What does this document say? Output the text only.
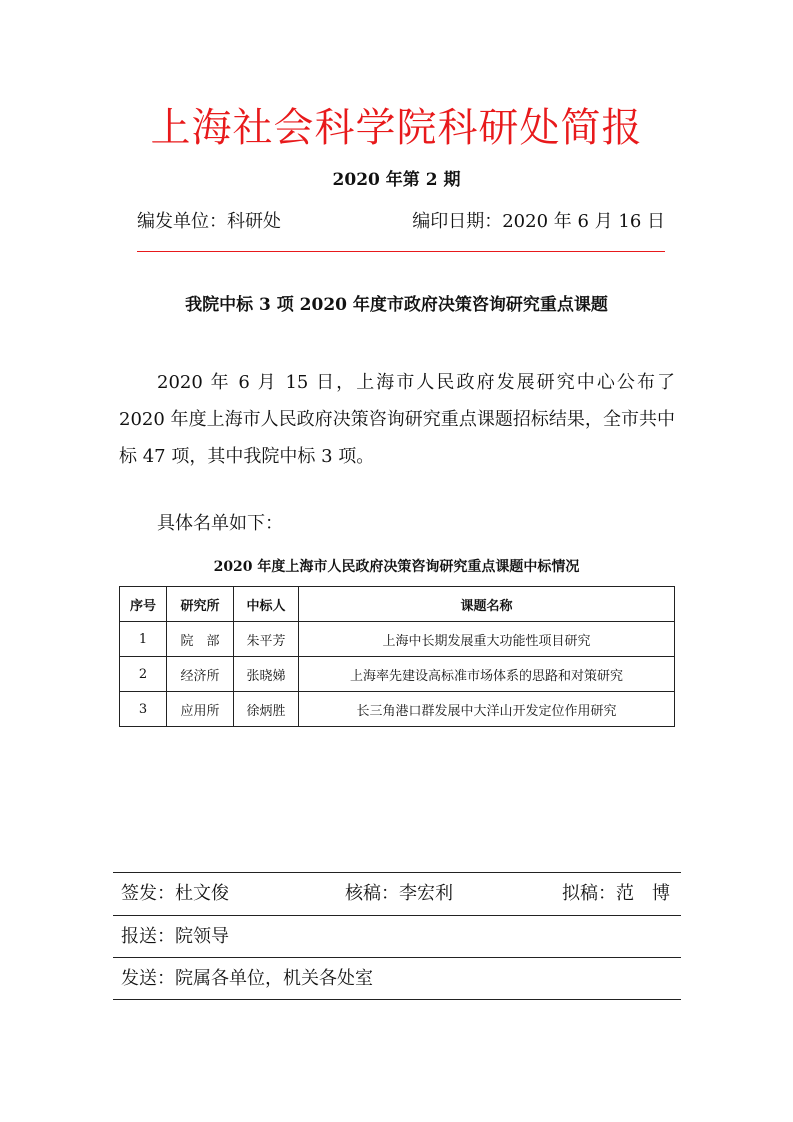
上海社会科学院科研处简报
2020 年第 2 期
编发单位：科研处	编印日期：2020 年 6 月 16 日
我院中标 3 项 2020 年度市政府决策咨询研究重点课题
2020 年 6 月 15 日，上海市人民政府发展研究中心公布了 2020 年度上海市人民政府决策咨询研究重点课题招标结果，全市共中标 47 项，其中我院中标 3 项。
具体名单如下：
2020 年度上海市人民政府决策咨询研究重点课题中标情况
序号	研究所	中标人	课题名称
1	院　部	朱平芳	上海中长期发展重大功能性项目研究
2	经济所	张晓娣	上海率先建设高标准市场体系的思路和对策研究
3	应用所	徐炳胜	长三角港口群发展中大洋山开发定位作用研究
签发：杜文俊	核稿：李宏利	拟稿：范　博
报送：院领导
发送：院属各单位，机关各处室
